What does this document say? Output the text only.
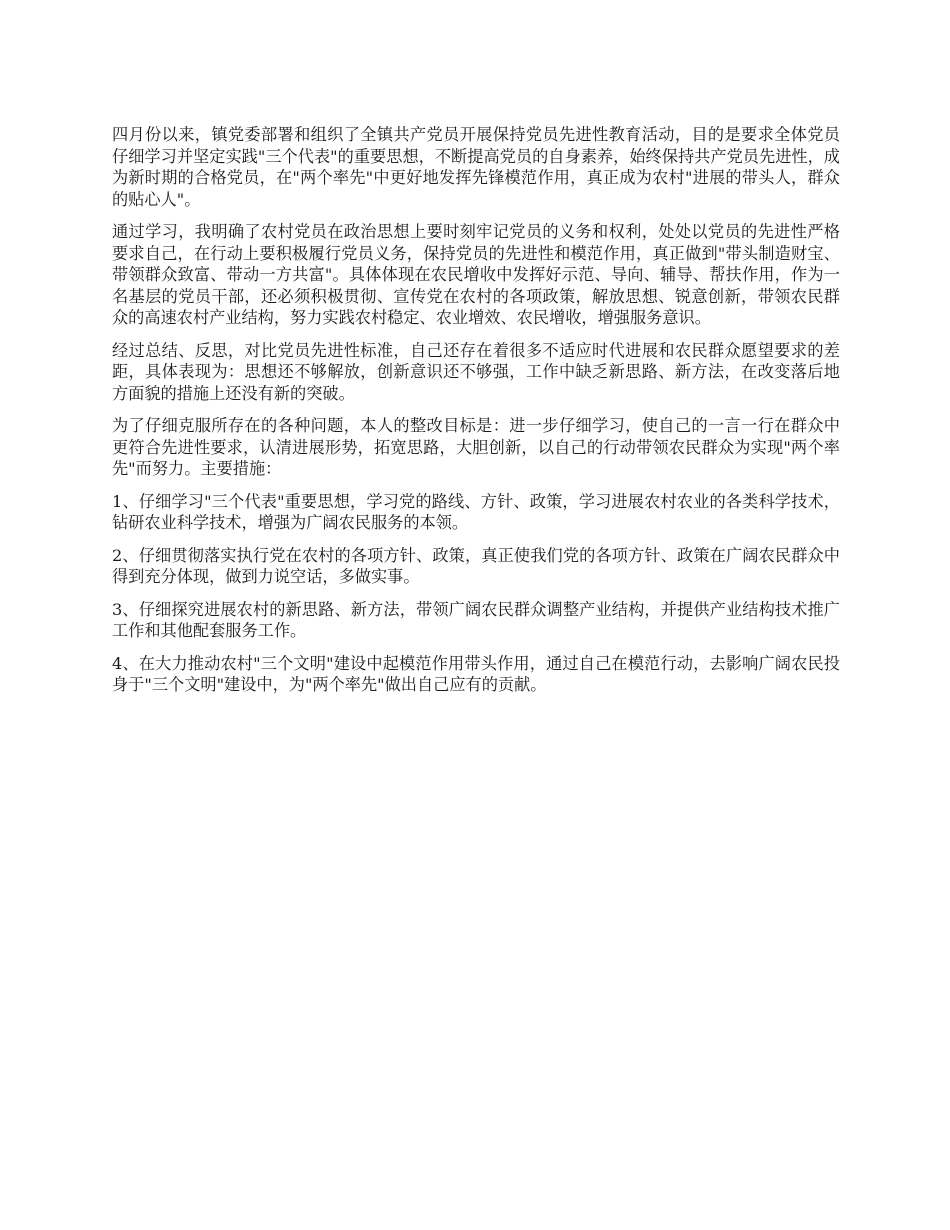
四月份以来，镇党委部署和组织了全镇共产党员开展保持党员先进性教育活动，目的是要求全体党员仔细学习并坚定实践"三个代表"的重要思想，不断提高党员的自身素养，始终保持共产党员先进性，成为新时期的合格党员，在"两个率先"中更好地发挥先锋模范作用，真正成为农村"进展的带头人，群众的贴心人"。

通过学习，我明确了农村党员在政治思想上要时刻牢记党员的义务和权利，处处以党员的先进性严格要求自己，在行动上要积极履行党员义务，保持党员的先进性和模范作用，真正做到"带头制造财宝、带领群众致富、带动一方共富"。具体体现在农民增收中发挥好示范、导向、辅导、帮扶作用，作为一名基层的党员干部，还必须积极贯彻、宣传党在农村的各项政策，解放思想、锐意创新，带领农民群众的高速农村产业结构，努力实践农村稳定、农业增效、农民增收，增强服务意识。

经过总结、反思，对比党员先进性标准，自己还存在着很多不适应时代进展和农民群众愿望要求的差距，具体表现为：思想还不够解放，创新意识还不够强，工作中缺乏新思路、新方法，在改变落后地方面貌的措施上还没有新的突破。

为了仔细克服所存在的各种问题，本人的整改目标是：进一步仔细学习，使自己的一言一行在群众中更符合先进性要求，认清进展形势，拓宽思路，大胆创新，以自己的行动带领农民群众为实现"两个率先"而努力。主要措施：

1、仔细学习"三个代表"重要思想，学习党的路线、方针、政策，学习进展农村农业的各类科学技术，钻研农业科学技术，增强为广阔农民服务的本领。

2、仔细贯彻落实执行党在农村的各项方针、政策，真正使我们党的各项方针、政策在广阔农民群众中得到充分体现，做到力说空话，多做实事。

3、仔细探究进展农村的新思路、新方法，带领广阔农民群众调整产业结构，并提供产业结构技术推广工作和其他配套服务工作。

4、在大力推动农村"三个文明"建设中起模范作用带头作用，通过自己在模范行动，去影响广阔农民投身于"三个文明"建设中，为"两个率先"做出自己应有的贡献。
